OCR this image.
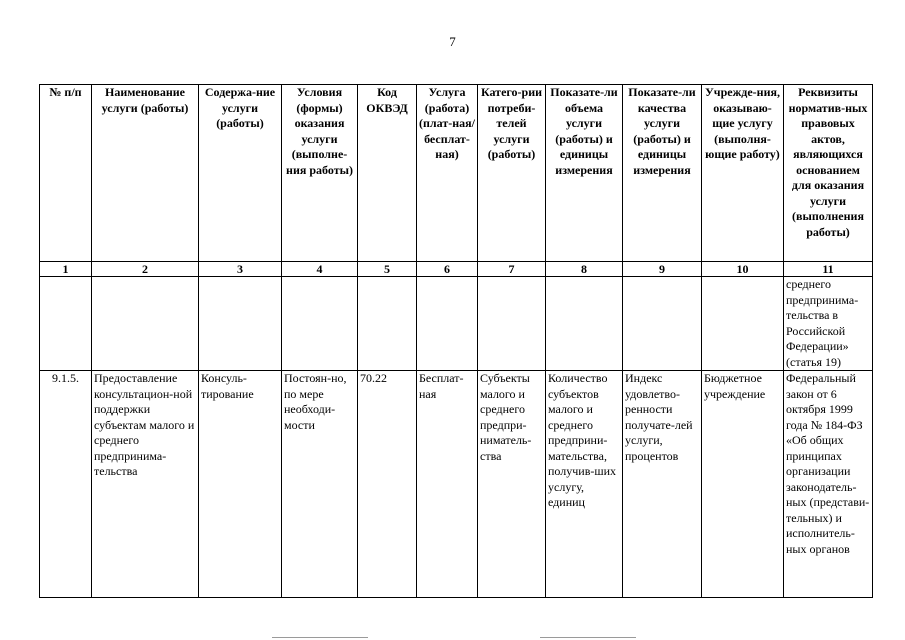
7
№ п/п	Наименование услуги (работы)	Содержа-ние услуги (работы)	Условия (формы) оказания услуги (выполне-ния работы)	Код ОКВЭД	Услуга (работа) (плат-ная/ бесплат-ная)	Катего-рии потреби-телей услуги (работы)	Показате-ли объема услуги (работы) и единицы измерения	Показате-ли качества услуги (работы) и единицы измерения	Учрежде-ния, оказываю-щие услугу (выполня-ющие работу)	Реквизиты норматив-ных правовых актов, являющихся основанием для оказания услуги (выполнения работы)
1	2	3	4	5	6	7	8	9	10	11
										среднего предпринима-тельства в Российской Федерации» (статья 19)
9.1.5.	Предоставление консультацион-ной поддержки субъектам малого и среднего предпринима-тельства	Консуль-тирование	Постоян-но, по мере необходи-мости	70.22	Бесплат-ная	Субъекты малого и среднего предпри-ниматель-ства	Количество субъектов малого и среднего предприни-мательства, получив-ших услугу, единиц	Индекс удовлетво-ренности получате-лей услуги, процентов	Бюджетное учреждение	Федеральный закон от 6 октября 1999 года № 184-ФЗ «Об общих принципах организации законодатель-ных (представи-тельных) и исполнитель-ных органов
